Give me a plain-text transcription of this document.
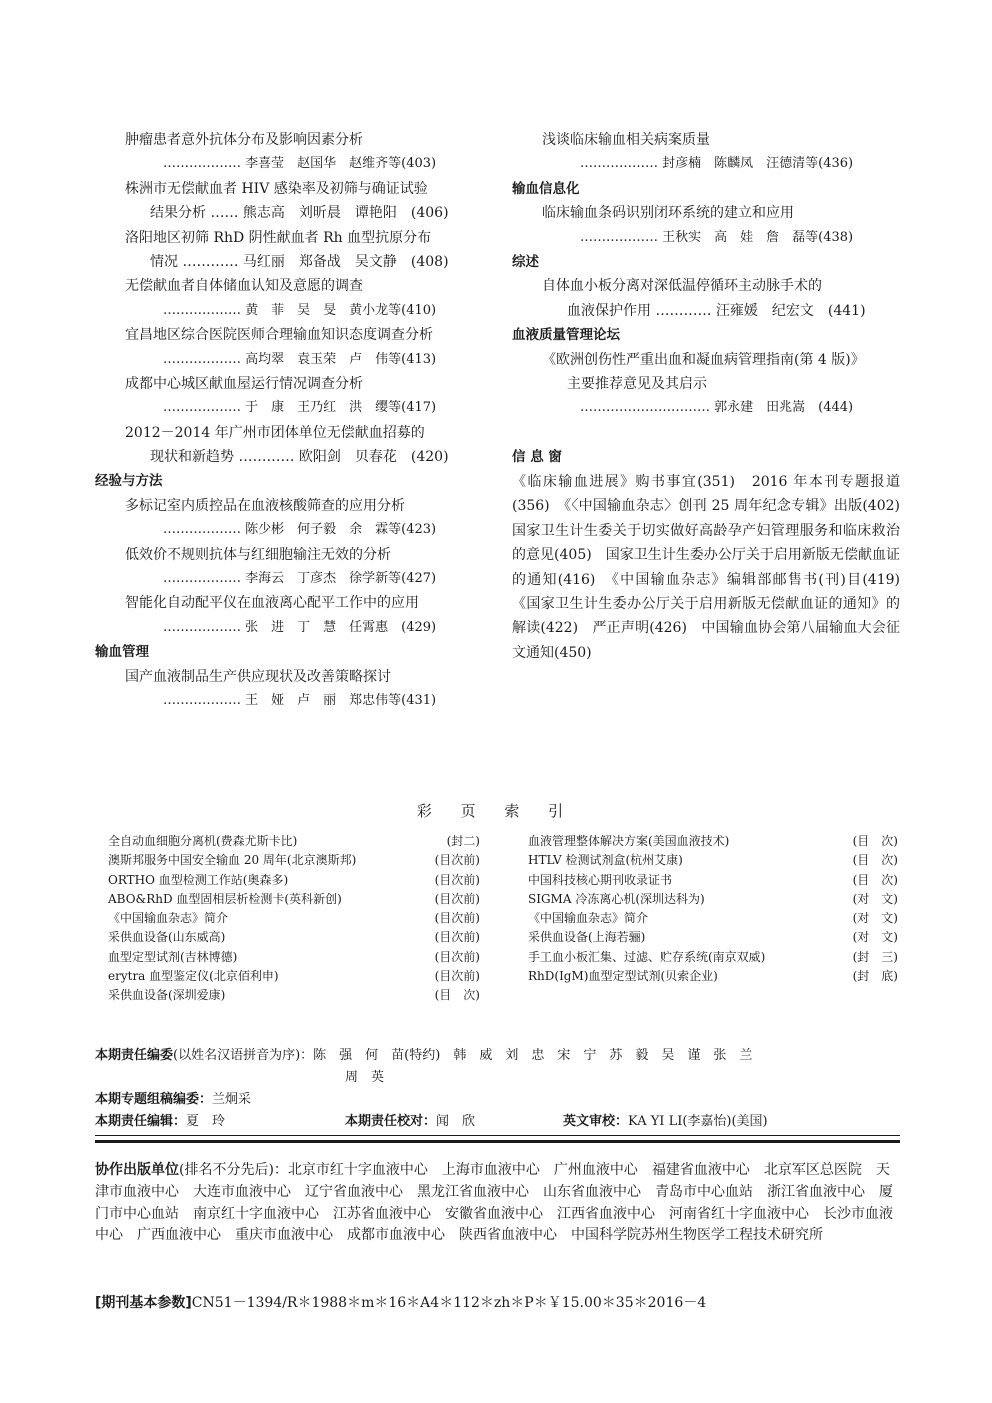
肿瘤患者意外抗体分布及影响因素分析
……………… 李喜莹　赵国华　赵维齐等(403)
株洲市无偿献血者 HIV 感染率及初筛与确证试验
结果分析 …… 熊志高　刘昕晨　谭艳阳　(406)
洛阳地区初筛 RhD 阴性献血者 Rh 血型抗原分布
情况 ………… 马红丽　郑备战　吴文静　(408)
无偿献血者自体储血认知及意愿的调查
……………… 黄　菲　吴　旻　黄小龙等(410)
宜昌地区综合医院医师合理输血知识态度调查分析
……………… 高均翠　袁玉荣　卢　伟等(413)
成都中心城区献血屋运行情况调查分析
……………… 于　康　王乃红　洪　缨等(417)
2012－2014 年广州市团体单位无偿献血招募的
现状和新趋势 ………… 欧阳剑　贝春花　(420)
经验与方法
多标记室内质控品在血液核酸筛查的应用分析
……………… 陈少彬　何子毅　余　霖等(423)
低效价不规则抗体与红细胞输注无效的分析
……………… 李海云　丁彦杰　徐学新等(427)
智能化自动配平仪在血液离心配平工作中的应用
……………… 张　进　丁　慧　任霄惠　(429)
输血管理
国产血液制品生产供应现状及改善策略探讨
……………… 王　娅　卢　丽　郑忠伟等(431)
浅谈临床输血相关病案质量
……………… 封彦楠　陈麟凤　汪德清等(436)
输血信息化
临床输血条码识别闭环系统的建立和应用
……………… 王秋实　高　娃　詹　磊等(438)
综述
自体血小板分离对深低温停循环主动脉手术的
血液保护作用 ………… 汪雍媛　纪宏文　(441)
血液质量管理论坛
《欧洲创伤性严重出血和凝血病管理指南(第 4 版)》
主要推荐意见及其启示
………………………… 郭永建　田兆嵩　(444)
信 息 窗
《临床输血进展》购书事宜(351)　2016 年本刊专题报道(356)　《〈中国输血杂志〉创刊 25 周年纪念专辑》出版(402)　国家卫生计生委关于切实做好高龄孕产妇管理服务和临床救治的意见(405)　国家卫生计生委办公厅关于启用新版无偿献血证的通知(416)　《中国输血杂志》编辑部邮售书(刊)目(419)　《国家卫生计生委办公厅关于启用新版无偿献血证的通知》的解读(422)　严正声明(426)　中国输血协会第八届输血大会征文通知(450)
彩 页 索 引
全自动血细胞分离机(费森尤斯卡比)	(封二)
澳斯邦服务中国安全输血 20 周年(北京澳斯邦)	(目次前)
ORTHO 血型检测工作站(奥森多)	(目次前)
ABO&RhD 血型固相层析检测卡(英科新创)	(目次前)
《中国输血杂志》简介	(目次前)
采供血设备(山东威高)	(目次前)
血型定型试剂(吉林博德)	(目次前)
erytra 血型鉴定仪(北京佰利申)	(目次前)
采供血设备(深圳爱康)	(目　次)
血液管理整体解决方案(美国血液技术)	(目　次)
HTLV 检测试剂盒(杭州艾康)	(目　次)
中国科技核心期刊收录证书	(目　次)
SIGMA 冷冻离心机(深圳达科为)	(对　文)
《中国输血杂志》简介	(对　文)
采供血设备(上海若骊)	(对　文)
手工血小板汇集、过滤、贮存系统(南京双威)	(封　三)
RhD(IgM)血型定型试剂(贝索企业)	(封　底)
本期责任编委(以姓名汉语拼音为序)：陈　强　何　苗(特约)　韩　威　刘　忠　宋　宁　苏　毅　吴　谨　张　兰
周　英
本期专题组稿编委：兰炯采
本期责任编辑：夏　玲	本期责任校对：闻　欣	英文审校：KA YI LI(李嘉怡)(美国)
协作出版单位(排名不分先后)：北京市红十字血液中心　上海市血液中心　广州血液中心　福建省血液中心　北京军区总医院　天津市血液中心　大连市血液中心　辽宁省血液中心　黑龙江省血液中心　山东省血液中心　青岛市中心血站　浙江省血液中心　厦门市中心血站　南京红十字血液中心　江苏省血液中心　安徽省血液中心　江西省血液中心　河南省红十字血液中心　长沙市血液中心　广西血液中心　重庆市血液中心　成都市血液中心　陕西省血液中心　中国科学院苏州生物医学工程技术研究所
[期刊基本参数]CN51－1394/R＊1988＊m＊16＊A4＊112＊zh＊P＊￥15.00＊35＊2016－4
